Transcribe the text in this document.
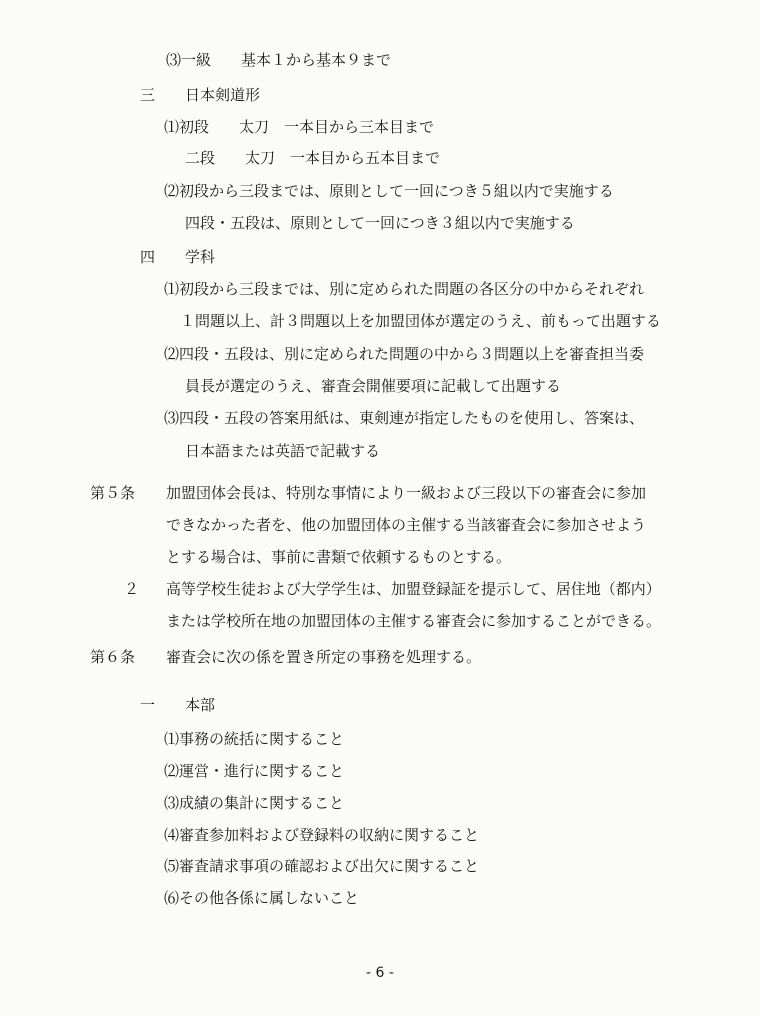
第５条
２
第６条
⑶一級　　基本１から基本９まで
三　　日本剣道形
⑴初段　　太刀　一本目から三本目まで
二段　　太刀　一本目から五本目まで
⑵初段から三段までは、原則として一回につき５組以内で実施する
四段・五段は、原則として一回につき３組以内で実施する
四　　学科
⑴初段から三段までは、別に定められた問題の各区分の中からそれぞれ
１問題以上、計３問題以上を加盟団体が選定のうえ、前もって出題する
⑵四段・五段は、別に定められた問題の中から３問題以上を審査担当委
員長が選定のうえ、審査会開催要項に記載して出題する
⑶四段・五段の答案用紙は、東剣連が指定したものを使用し、答案は、
日本語または英語で記載する
加盟団体会長は、特別な事情により一級および三段以下の審査会に参加
できなかった者を、他の加盟団体の主催する当該審査会に参加させよう
とする場合は、事前に書類で依頼するものとする。
高等学校生徒および大学学生は、加盟登録証を提示して、居住地（都内）
または学校所在地の加盟団体の主催する審査会に参加することができる。
審査会に次の係を置き所定の事務を処理する。
一　　本部
⑴事務の統括に関すること
⑵運営・進行に関すること
⑶成績の集計に関すること
⑷審査参加料および登録料の収納に関すること
⑸審査請求事項の確認および出欠に関すること
⑹その他各係に属しないこと
- 6 -
